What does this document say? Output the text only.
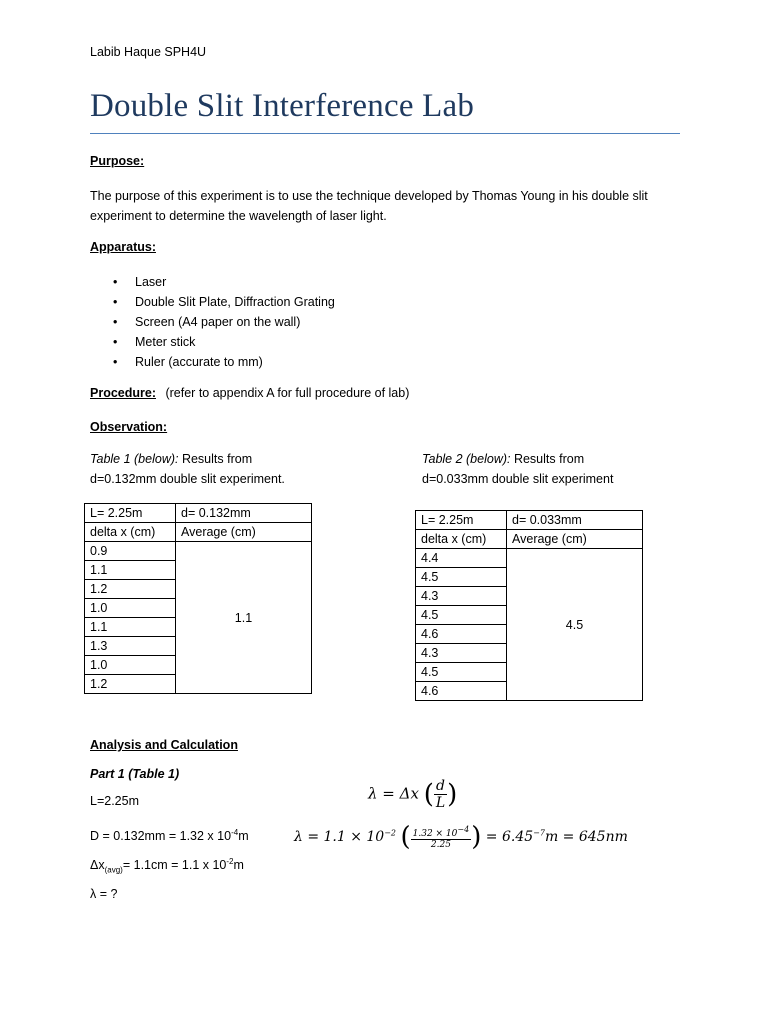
Labib Haque SPH4U
Double Slit Interference Lab
Purpose:
The purpose of this experiment is to use the technique developed by Thomas Young in his double slit
experiment to determine the wavelength of laser light.
Apparatus:
• Laser
• Double Slit Plate, Diffraction Grating
• Screen (A4 paper on the wall)
• Meter stick
• Ruler (accurate to mm)
Procedure: (refer to appendix A for full procedure of lab)
Observation:
Table 1 (below): Results from
d=0.132mm double slit experiment.
Table 2 (below): Results from
d=0.033mm double slit experiment
L= 2.25m	d= 0.132mm
delta x (cm)	Average (cm)
0.9	1.1
1.1	
1.2	
1.0	
1.1	
1.3	
1.0	
1.2	
L= 2.25m	d= 0.033mm
delta x (cm)	Average (cm)
4.4	4.5
4.5	
4.3	
4.5	
4.6	
4.3	
4.5	
4.6	
Analysis and Calculation
Part 1 (Table 1)
L=2.25m
D = 0.132mm = 1.32 x $10^{-4}m$
$\Delta x_{(avg)}= 1.1cm = 1.1$ x $10^{-2}m$
λ = ?
λ = Δx ( $\frac{d}{L}$ )
$\lambda = 1.1 \times 10^{-2}$ ( $\frac{1.32 \times 10^{-4}}{2.25}$ ) = $6.45^{-7}m = 645nm$
